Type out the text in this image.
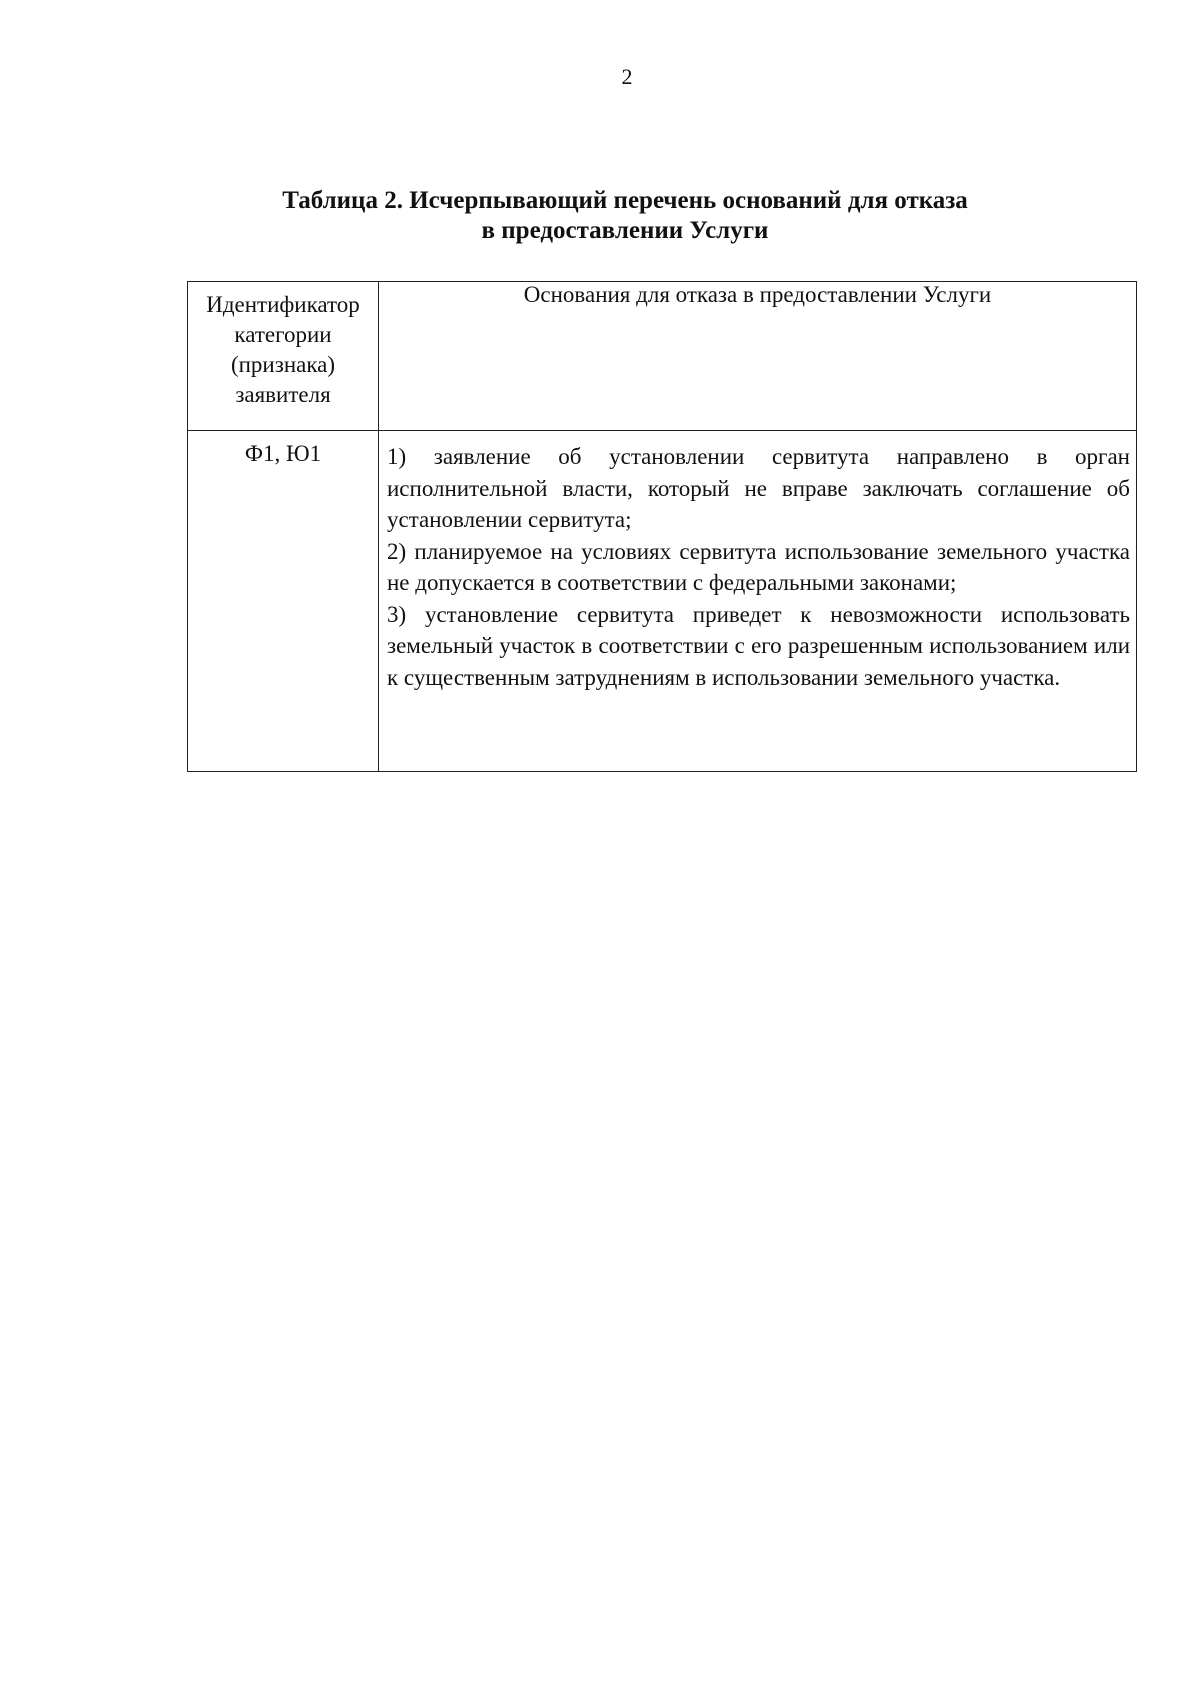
2
Таблица 2. Исчерпывающий перечень оснований для отказа
в предоставлении Услуги
Идентификатор
категории
(признака)
заявителя	Основания для отказа в предоставлении Услуги
Ф1, Ю1	1) заявление об установлении сервитута направлено в орган исполнительной власти, который не вправе заключать соглашение об установлении сервитута;

2) планируемое на условиях сервитута использование земельного участка не допускается в соответствии с федеральными законами;

3) установление сервитута приведет к невозможности использовать земельный участок в соответствии с его разрешенным использованием или к существенным затруднениям в использовании земельного участка.
